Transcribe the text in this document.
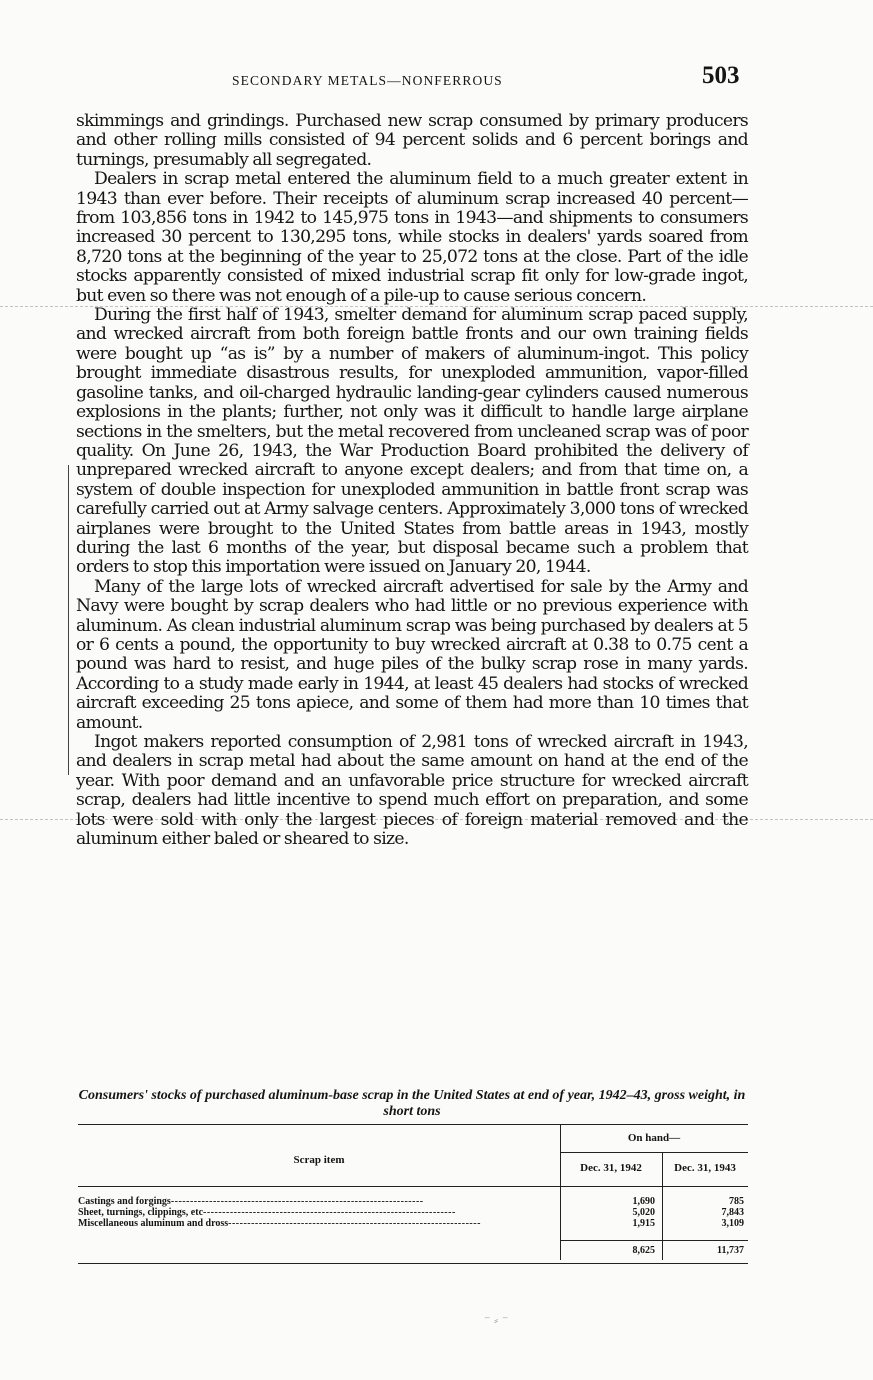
SECONDARY METALS—NONFERROUS	503

skimmings and grindings. Purchased new scrap consumed by primary producers and other rolling mills consisted of 94 percent solids and 6 percent borings and turnings, presumably all segregated.

Dealers in scrap metal entered the aluminum field to a much greater extent in 1943 than ever before. Their receipts of aluminum scrap increased 40 percent—from 103,856 tons in 1942 to 145,975 tons in 1943—and shipments to consumers increased 30 percent to 130,295 tons, while stocks in dealers' yards soared from 8,720 tons at the beginning of the year to 25,072 tons at the close. Part of the idle stocks apparently consisted of mixed industrial scrap fit only for low-grade ingot, but even so there was not enough of a pile-up to cause serious concern.

During the first half of 1943, smelter demand for aluminum scrap paced supply, and wrecked aircraft from both foreign battle fronts and our own training fields were bought up “as is” by a number of makers of aluminum-ingot. This policy brought immediate disastrous results, for unexploded ammunition, vapor-filled gasoline tanks, and oil-charged hydraulic landing-gear cylinders caused numerous explosions in the plants; further, not only was it difficult to handle large airplane sections in the smelters, but the metal recovered from uncleaned scrap was of poor quality. On June 26, 1943, the War Production Board prohibited the delivery of unprepared wrecked aircraft to anyone except dealers; and from that time on, a system of double inspection for unexploded ammunition in battle front scrap was carefully carried out at Army salvage centers. Approximately 3,000 tons of wrecked airplanes were brought to the United States from battle areas in 1943, mostly during the last 6 months of the year, but disposal became such a problem that orders to stop this importation were issued on January 20, 1944.

Many of the large lots of wrecked aircraft advertised for sale by the Army and Navy were bought by scrap dealers who had little or no previous experience with aluminum. As clean industrial aluminum scrap was being purchased by dealers at 5 or 6 cents a pound, the opportunity to buy wrecked aircraft at 0.38 to 0.75 cent a pound was hard to resist, and huge piles of the bulky scrap rose in many yards. According to a study made early in 1944, at least 45 dealers had stocks of wrecked aircraft exceeding 25 tons apiece, and some of them had more than 10 times that amount.

Ingot makers reported consumption of 2,981 tons of wrecked aircraft in 1943, and dealers in scrap metal had about the same amount on hand at the end of the year. With poor demand and an unfavorable price structure for wrecked aircraft scrap, dealers had little incentive to spend much effort on preparation, and some lots were sold with only the largest pieces of foreign material removed and the aluminum either baled or sheared to size.

Consumers' stocks of purchased aluminum-base scrap in the United States at end of year, 1942–43, gross weight, in short tons
Scrap item
On hand—
Dec. 31, 1942	Dec. 31, 1943
Castings and forgings - - -	1,690	785
Sheet, turnings, clippings, etc - - -	5,020	7,843
Miscellaneous aluminum and dross - - -	1,915	3,109
8,625	11,737
⁻ ⸗ ⁻
